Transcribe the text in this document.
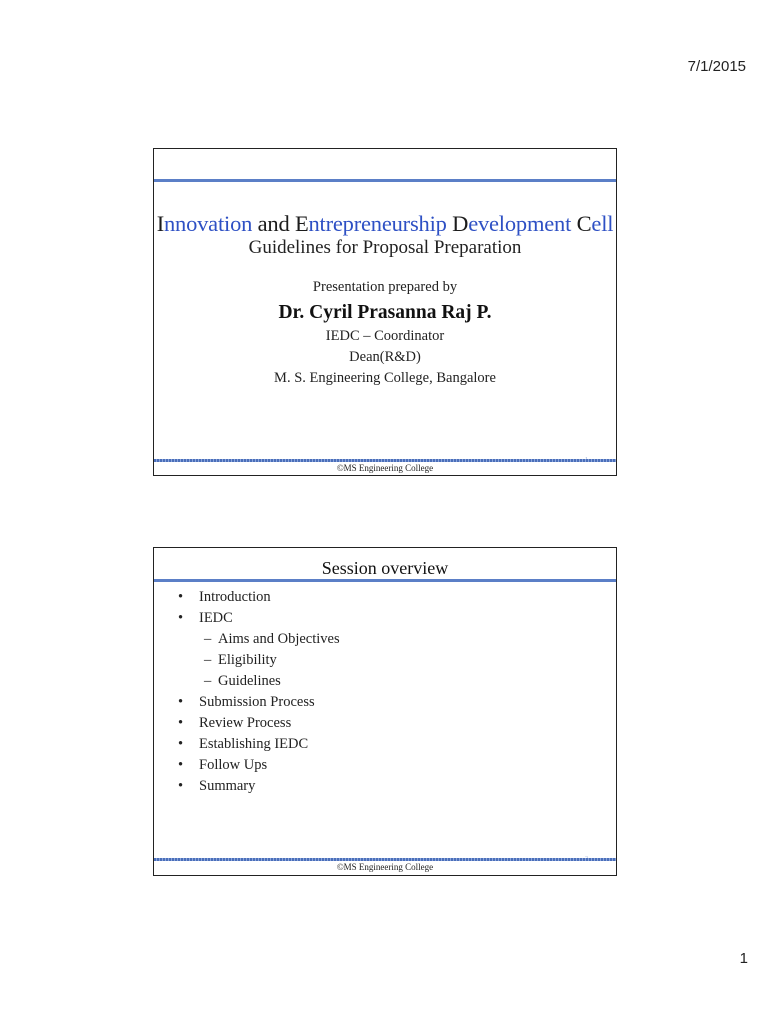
7/1/2015
Innovation and Entrepreneurship Development Cell
Guidelines for Proposal Preparation
Presentation prepared by
Dr. Cyril Prasanna Raj P.
IEDC – Coordinator
Dean(R&D)
M. S. Engineering College, Bangalore
©MS Engineering College
Session overview
• Introduction
• IEDC
– Aims and Objectives
– Eligibility
– Guidelines
• Submission Process
• Review Process
• Establishing IEDC
• Follow Ups
• Summary
©MS Engineering College
1
